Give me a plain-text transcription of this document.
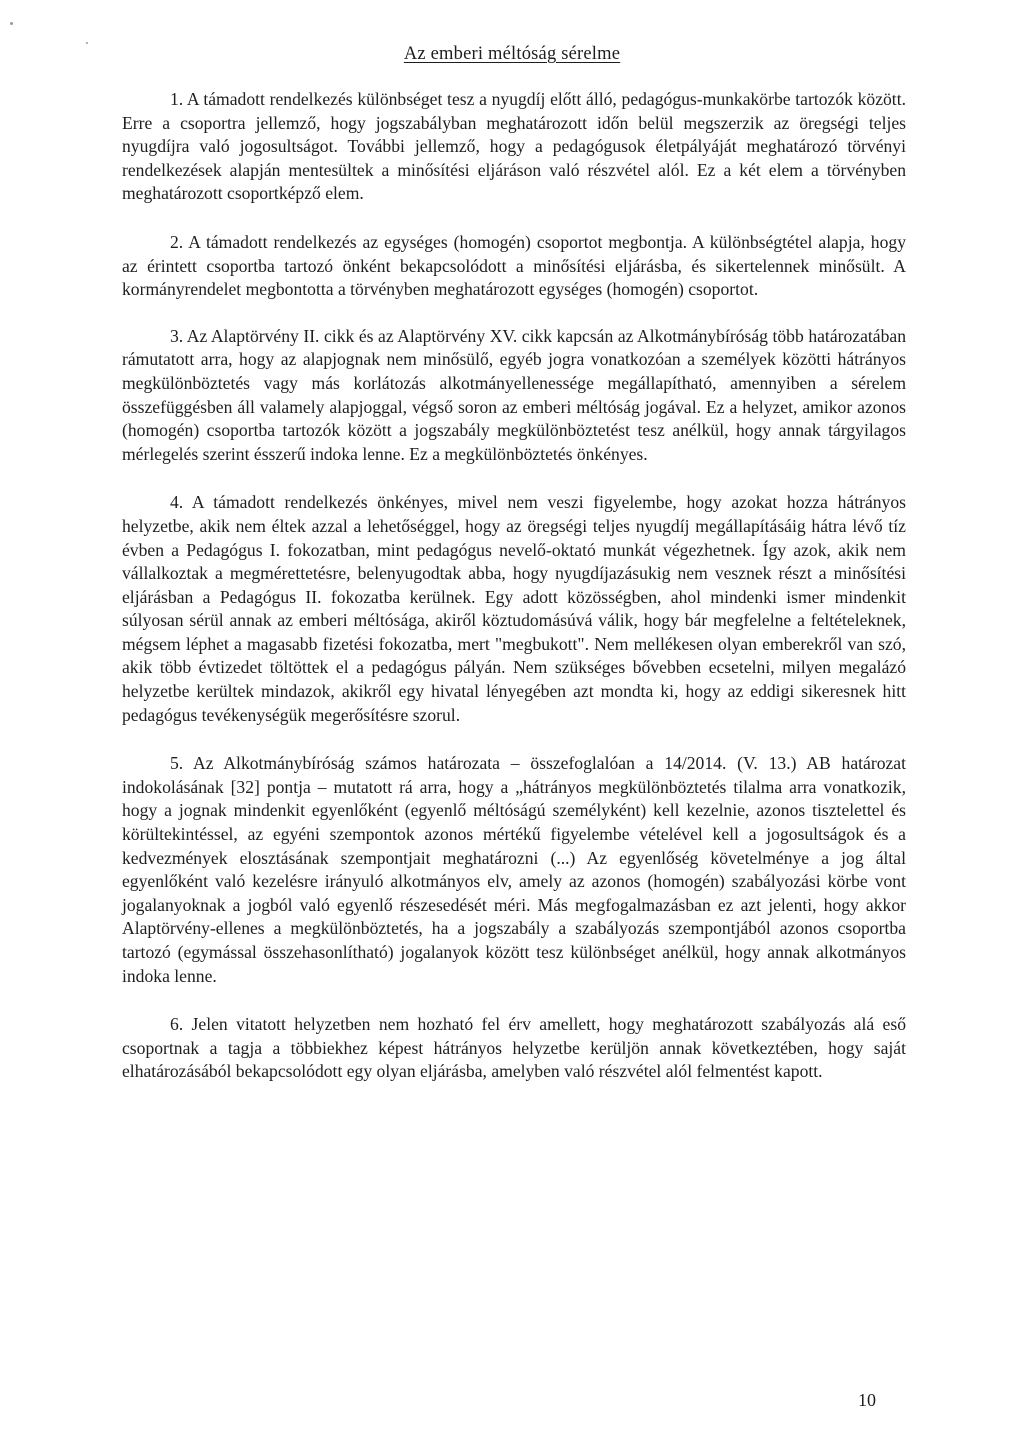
Az emberi méltóság sérelme

1. A támadott rendelkezés különbséget tesz a nyugdíj előtt álló, pedagógus-munkakörbe tartozók között. Erre a csoportra jellemző, hogy jogszabályban meghatározott időn belül megszerzik az öregségi teljes nyugdíjra való jogosultságot. További jellemző, hogy a pedagógusok életpályáját meghatározó törvényi rendelkezések alapján mentesültek a minősítési eljáráson való részvétel alól. Ez a két elem a törvényben meghatározott csoportképző elem.

2. A támadott rendelkezés az egységes (homogén) csoportot megbontja. A különbségtétel alapja, hogy az érintett csoportba tartozó önként bekapcsolódott a minősítési eljárásba, és sikertelennek minősült. A kormányrendelet megbontotta a törvényben meghatározott egységes (homogén) csoportot.

3. Az Alaptörvény II. cikk és az Alaptörvény XV. cikk kapcsán az Alkotmánybíróság több határozatában rámutatott arra, hogy az alapjognak nem minősülő, egyéb jogra vonatkozóan a személyek közötti hátrányos megkülönböztetés vagy más korlátozás alkotmányellenessége megállapítható, amennyiben a sérelem összefüggésben áll valamely alapjoggal, végső soron az emberi méltóság jogával. Ez a helyzet, amikor azonos (homogén) csoportba tartozók között a jogszabály megkülönböztetést tesz anélkül, hogy annak tárgyilagos mérlegelés szerint ésszerű indoka lenne. Ez a megkülönböztetés önkényes.

4. A támadott rendelkezés önkényes, mivel nem veszi figyelembe, hogy azokat hozza hátrányos helyzetbe, akik nem éltek azzal a lehetőséggel, hogy az öregségi teljes nyugdíj megállapításáig hátra lévő tíz évben a Pedagógus I. fokozatban, mint pedagógus nevelő-oktató munkát végezhetnek. Így azok, akik nem vállalkoztak a megmérettetésre, belenyugodtak abba, hogy nyugdíjazásukig nem vesznek részt a minősítési eljárásban a Pedagógus II. fokozatba kerülnek. Egy adott közösségben, ahol mindenki ismer mindenkit súlyosan sérül annak az emberi méltósága, akiről köztudomásúvá válik, hogy bár megfelelne a feltételeknek, mégsem léphet a magasabb fizetési fokozatba, mert "megbukott". Nem mellékesen olyan emberekről van szó, akik több évtizedet töltöttek el a pedagógus pályán. Nem szükséges bővebben ecsetelni, milyen megalázó helyzetbe kerültek mindazok, akikről egy hivatal lényegében azt mondta ki, hogy az eddigi sikeresnek hitt pedagógus tevékenységük megerősítésre szorul.

5. Az Alkotmánybíróság számos határozata – összefoglalóan a 14/2014. (V. 13.) AB határozat indokolásának [32] pontja – mutatott rá arra, hogy a „hátrányos megkülönböztetés tilalma arra vonatkozik, hogy a jognak mindenkit egyenlőként (egyenlő méltóságú személyként) kell kezelnie, azonos tisztelettel és körültekintéssel, az egyéni szempontok azonos mértékű figyelembe vételével kell a jogosultságok és a kedvezmények elosztásának szempontjait meghatározni (...) Az egyenlőség követelménye a jog által egyenlőként való kezelésre irányuló alkotmányos elv, amely az azonos (homogén) szabályozási körbe vont jogalanyoknak a jogból való egyenlő részesedését méri. Más megfogalmazásban ez azt jelenti, hogy akkor Alaptörvény-ellenes a megkülönböztetés, ha a jogszabály a szabályozás szempontjából azonos csoportba tartozó (egymással összehasonlítható) jogalanyok között tesz különbséget anélkül, hogy annak alkotmányos indoka lenne.

6. Jelen vitatott helyzetben nem hozható fel érv amellett, hogy meghatározott szabályozás alá eső csoportnak a tagja a többiekhez képest hátrányos helyzetbe kerüljön annak következtében, hogy saját elhatározásából bekapcsolódott egy olyan eljárásba, amelyben való részvétel alól felmentést kapott.

10
